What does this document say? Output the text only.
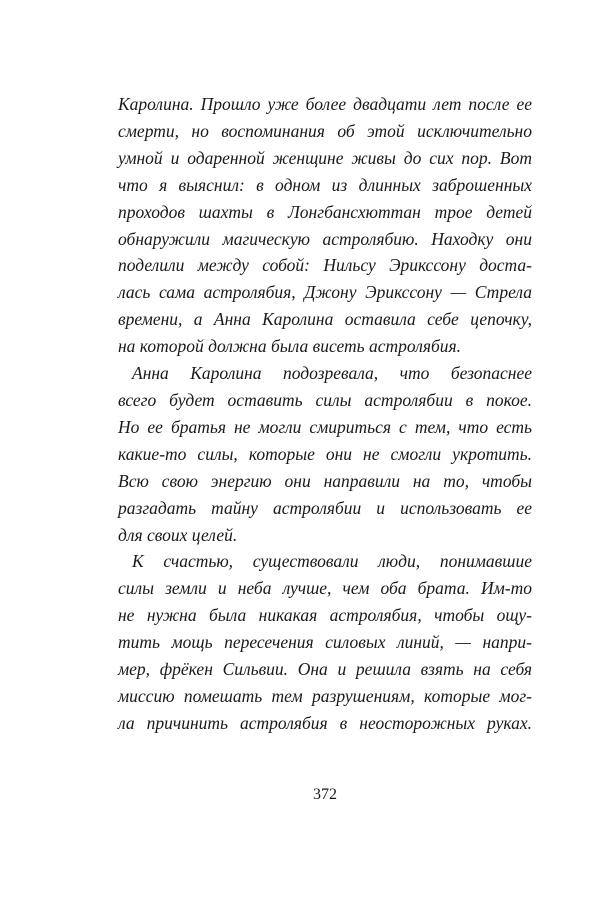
Каролина. Прошло уже более двадцати лет после ее
смерти, но воспоминания об этой исключительно
умной и одаренной женщине живы до сих пор. Вот
что я выяснил: в одном из длинных заброшенных
проходов шахты в Лонгбансхюттан трое детей
обнаружили магическую астролябию. Находку они
поделили между собой: Нильсу Эрикссону доста-
лась сама астролябия, Джону Эрикссону — Стрела
времени, а Анна Каролина оставила себе цепочку,
на которой должна была висеть астролябия.

Анна Каролина подозревала, что безопаснее
всего будет оставить силы астролябии в покое.
Но ее братья не могли смириться с тем, что есть
какие-то силы, которые они не смогли укротить.
Всю свою энергию они направили на то, чтобы
разгадать тайну астролябии и использовать ее
для своих целей.

К счастью, существовали люди, понимавшие
силы земли и неба лучше, чем оба брата. Им-то
не нужна была никакая астролябия, чтобы ощу-
тить мощь пересечения силовых линий, — напри-
мер, фрёкен Сильвии. Она и решила взять на себя
миссию помешать тем разрушениям, которые мог-
ла причинить астролябия в неосторожных руках.

372
